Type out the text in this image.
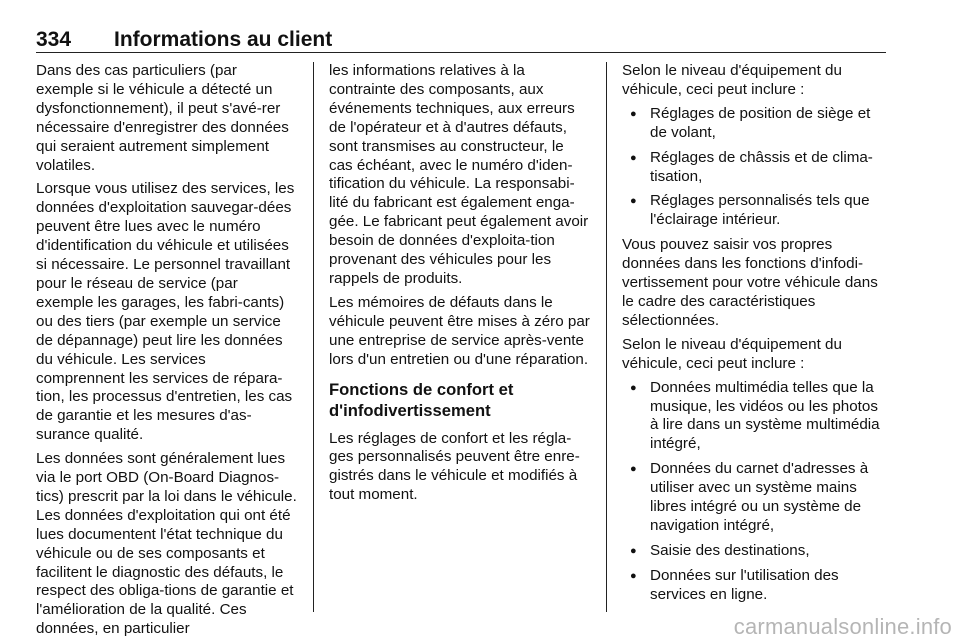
334	Informations au client

Dans des cas particuliers (par exemple si le véhicule a détecté un dysfonctionnement), il peut s'avé-rer nécessaire d'enregistrer des données qui seraient autrement simplement volatiles.

Lorsque vous utilisez des services, les données d'exploitation sauvegar-dées peuvent être lues avec le numéro d'identification du véhicule et utilisées si nécessaire. Le personnel travaillant pour le réseau de service (par exemple les garages, les fabri-cants) ou des tiers (par exemple un service de dépannage) peut lire les données du véhicule. Les services comprennent les services de répara-tion, les processus d'entretien, les cas de garantie et les mesures d'as-surance qualité.

Les données sont généralement lues via le port OBD (On-Board Diagnos-tics) prescrit par la loi dans le véhicule. Les données d'exploitation qui ont été lues documentent l'état technique du véhicule ou de ses composants et facilitent le diagnostic des défauts, le respect des obliga-tions de garantie et l'amélioration de la qualité. Ces données, en particulier

les informations relatives à la contrainte des composants, aux événements techniques, aux erreurs de l'opérateur et à d'autres défauts, sont transmises au constructeur, le cas échéant, avec le numéro d'iden-tification du véhicule. La responsabi-lité du fabricant est également enga-gée. Le fabricant peut également avoir besoin de données d'exploita-tion provenant des véhicules pour les rappels de produits.

Les mémoires de défauts dans le véhicule peuvent être mises à zéro par une entreprise de service après-vente lors d'un entretien ou d'une réparation.

Fonctions de confort et d'infodivertissement

Les réglages de confort et les régla-ges personnalisés peuvent être enre-gistrés dans le véhicule et modifiés à tout moment.

Selon le niveau d'équipement du véhicule, ceci peut inclure :

● Réglages de position de siège et de volant,
● Réglages de châssis et de clima-tisation,
● Réglages personnalisés tels que l'éclairage intérieur.

Vous pouvez saisir vos propres données dans les fonctions d'infodi-vertissement pour votre véhicule dans le cadre des caractéristiques sélectionnées.

Selon le niveau d'équipement du véhicule, ceci peut inclure :

● Données multimédia telles que la musique, les vidéos ou les photos à lire dans un système multimédia intégré,
● Données du carnet d'adresses à utiliser avec un système mains libres intégré ou un système de navigation intégré,
● Saisie des destinations,
● Données sur l'utilisation des services en ligne.
carmanualsonline.info
